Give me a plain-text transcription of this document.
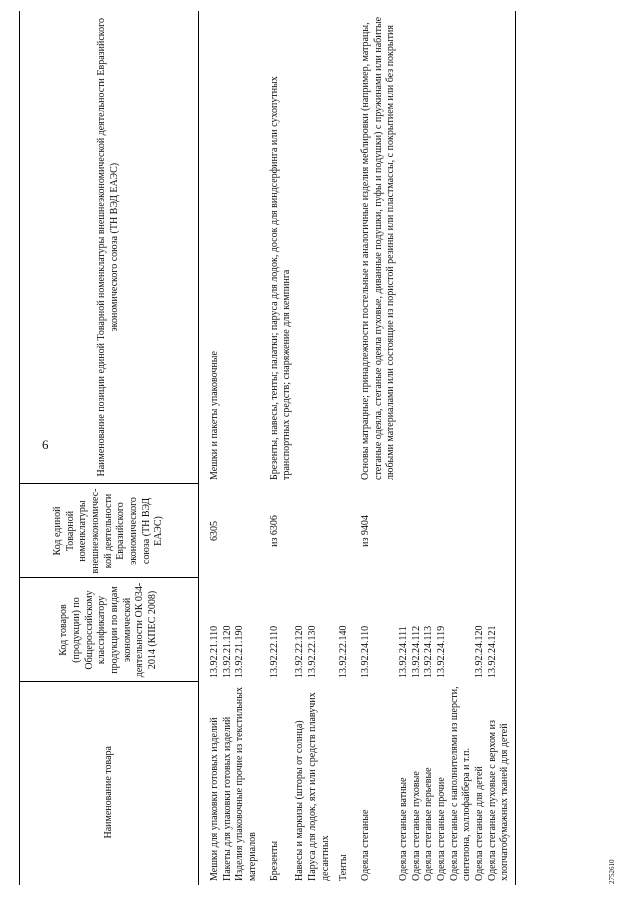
6
Наименование товара	Код товаров (продукции) по Общероссийскому классификатору продукции по видам экономической деятельности ОК 034-2014 (КПЕС 2008)	Код единой Товарной номенклатуры внешнеэкономичес-кой деятельности Евразийского экономического союза (ТН ВЭД ЕАЭС)	Наименование позиции единой Товарной номенклатуры внешнеэкономической деятельности Евразийского экономического союза (ТН ВЭД ЕАЭС)
Мешки для упаковки готовых изделий	13.92.21.110	6305	Мешки и пакеты упаковочные
Пакеты для упаковки готовых изделий	13.92.21.120		
Изделия упаковочные прочие из текстильных материалов	13.92.21.190		
Брезенты	13.92.22.110	из 6306	Брезенты, навесы, тенты; палатки; паруса для лодок, досок для виндсерфинга или сухопутных транспортных средств; снаряжение для кемпинга
Навесы и маркизы (шторы от солнца)	13.92.22.120		
Паруса для лодок, яхт или средств плавучих десантных	13.92.22.130		
Тенты	13.92.22.140		
Одеяла стеганые	13.92.24.110	из 9404	Основы матрацные; принадлежности постельные и аналогичные изделия меблировки (например, матрацы, стеганые одеяла, стеганые одеяла пуховые, диванные подушки, пуфы и подушки) с пружинами или набитые любыми материалами или состоящие из пористой резины или пластмассы, с покрытием или без покрытия
Одеяла стеганые ватные	13.92.24.111		
Одеяла стеганые пуховые	13.92.24.112		
Одеяла стеганые перьевые	13.92.24.113		
Одеяла стеганые прочие	13.92.24.119		
Одеяла стеганые с наполнителями из шерсти, синтепона, холлофайбера и т.п.			
Одеяла стеганые для детей	13.92.24.120		
Одеяла стеганые пуховые с верхом из хлопчатобумажных тканей для детей	13.92.24.121		
2752610
